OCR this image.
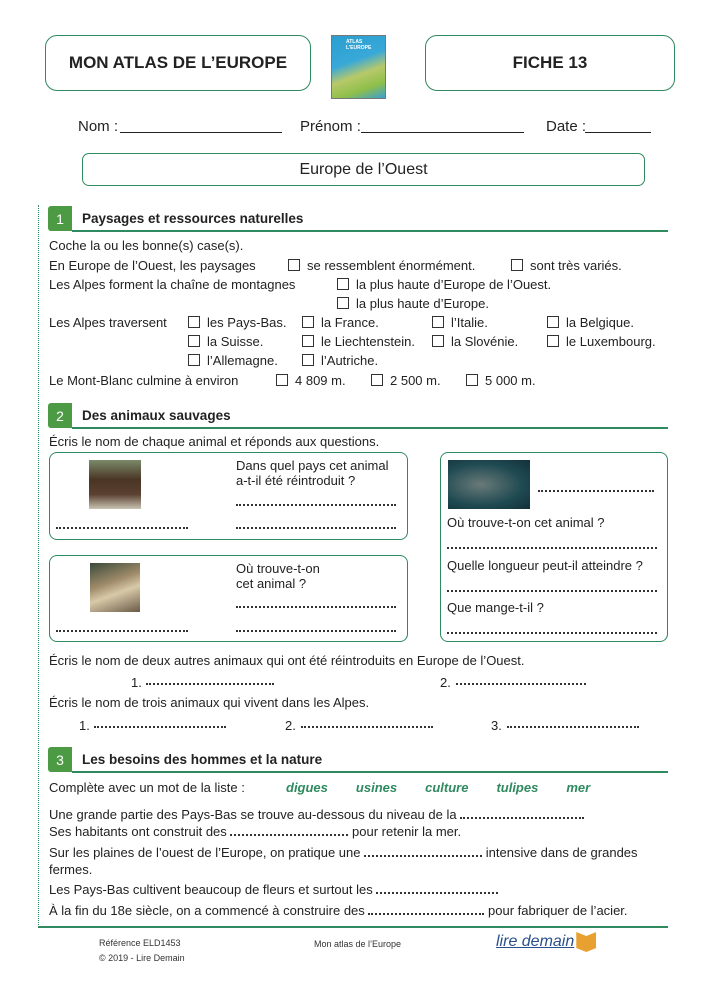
MON ATLAS DE L’EUROPE
ATLAS L’EUROPE
FICHE 13
Nom :	Prénom :	Date :
Europe de l’Ouest
1	Paysages et ressources naturelles
Coche la ou les bonne(s) case(s).
En Europe de l’Ouest, les paysages	se ressemblent énormément.	sont très variés.
Les Alpes forment la chaîne de montagnes	la plus haute d’Europe de l’Ouest.
la plus haute d’Europe.
Les Alpes traversent	les Pays-Bas.	la France.	l’Italie.	la Belgique.
la Suisse.	le Liechtenstein.	la Slovénie.	le Luxembourg.
l’Allemagne.	l’Autriche.
Le Mont-Blanc culmine à environ	4 809 m.	2 500 m.	5 000 m.
2	Des animaux sauvages
Écris le nom de chaque animal et réponds aux questions.
Dans quel pays cet animal
a-t-il été réintroduit ?
Où trouve-t-on
cet animal ?
Où trouve-t-on cet animal ?
Quelle longueur peut-il atteindre ?
Que mange-t-il ?
Écris le nom de deux autres animaux qui ont été réintroduits en Europe de l’Ouest.
1.	2.
Écris le nom de trois animaux qui vivent dans les Alpes.
1.	2.	3.
3	Les besoins des hommes et la nature
Complète avec un mot de la liste :	digues usines culture tulipes mer
Une grande partie des Pays-Bas se trouve au-dessous du niveau de la
Ses habitants ont construit des	pour retenir la mer.
Sur les plaines de l’ouest de l’Europe, on pratique une	intensive dans de grandes
fermes.
Les Pays-Bas cultivent beaucoup de fleurs et surtout les
À la fin du 18e siècle, on a commencé à construire des	pour fabriquer de l’acier.
Référence ELD1453
© 2019 - Lire Demain
Mon atlas de l’Europe	lire demain
